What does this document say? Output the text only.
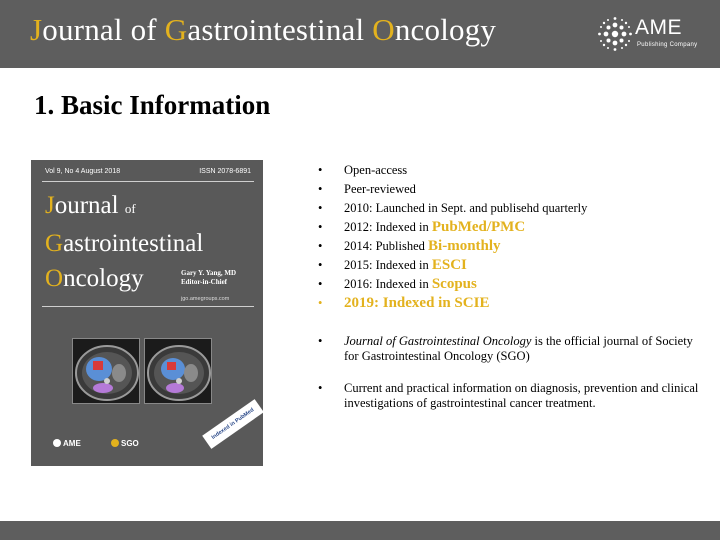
Journal of Gastrointestinal Oncology	AME
Publishing Company
1. Basic Information
Vol 9, No 4 August 2018	ISSN 2078-6891
Journal of
Gastrointestinal
Oncology	Gary Y. Yang, MD
Editor-in-Chief
jgo.amegroups.com
Indexed in PubMed
AME	SGO
• Open-access
• Peer-reviewed
• 2010: Launched in Sept. and publisehd quarterly
• 2012: Indexed in PubMed/PMC
• 2014: Published Bi-monthly
• 2015: Indexed in ESCI
• 2016: Indexed in Scopus
• 2019: Indexed in SCIE
• Journal of Gastrointestinal Oncology is the official journal of Society for Gastrointestinal Oncology (SGO)
• Current and practical information on diagnosis, prevention and clinical investigations of gastrointestinal cancer treatment.
